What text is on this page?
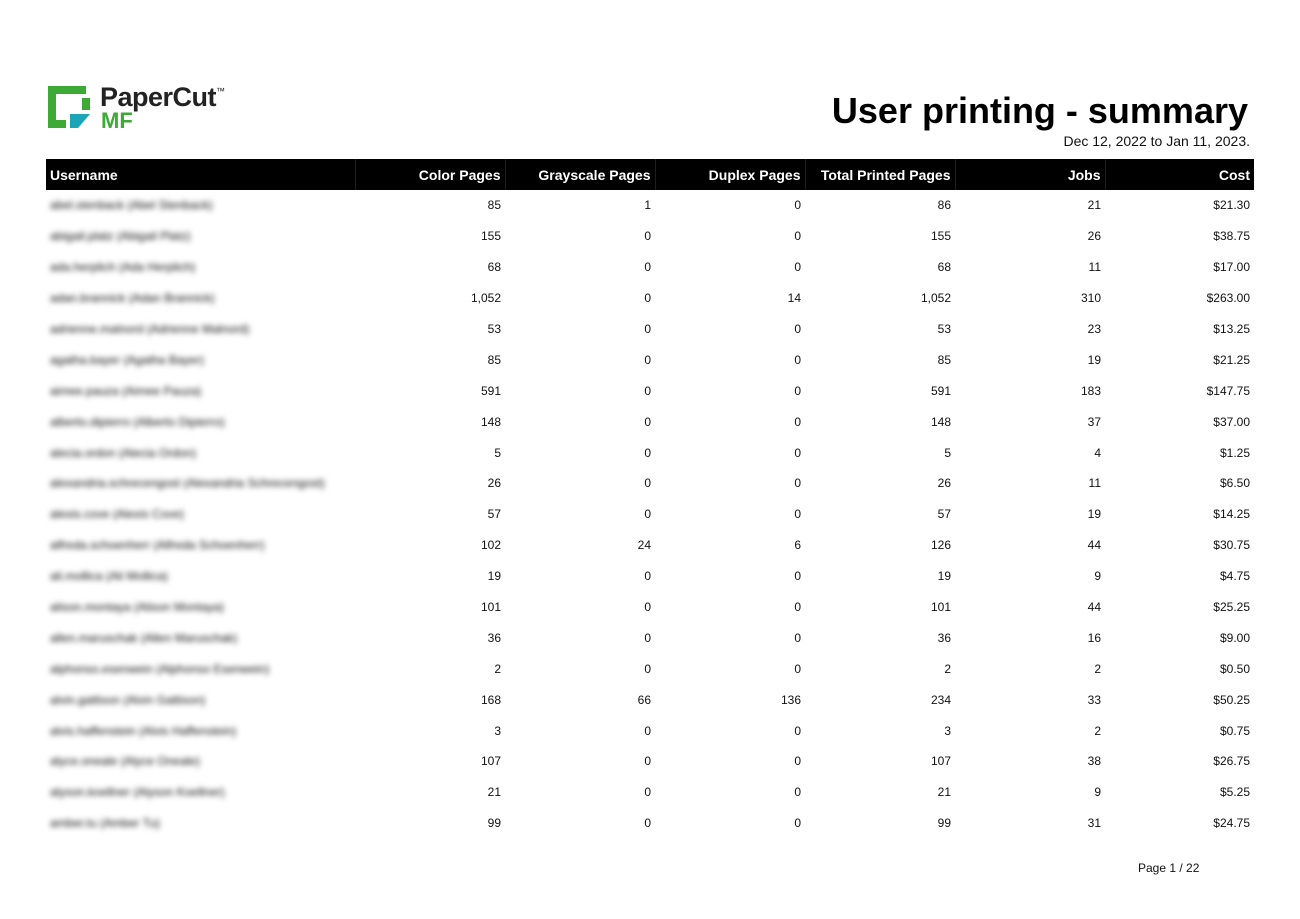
PaperCut™
MF	User printing - summary
Dec 12, 2022 to Jan 11, 2023.
Username	Color Pages	Grayscale Pages	Duplex Pages	Total Printed Pages	Jobs	Cost
abel.stenback (Abel Stenback)	85	1	0	86	21	$21.30
abigail.platz (Abigail Platz)	155	0	0	155	26	$38.75
ada.herplich (Ada Herplich)	68	0	0	68	11	$17.00
adan.brannick (Adan Brannick)	1,052	0	14	1,052	310	$263.00
adrienne.malnord (Adrienne Malnord)	53	0	0	53	23	$13.25
agatha.bayer (Agatha Bayer)	85	0	0	85	19	$21.25
aimee.pauza (Aimee Pauza)	591	0	0	591	183	$147.75
alberto.dipierro (Alberto Dipierro)	148	0	0	148	37	$37.00
alecia.ordon (Alecia Ordon)	5	0	0	5	4	$1.25
alexandria.schrecengost (Alexandria Schrecengost)	26	0	0	26	11	$6.50
alexis.cove (Alexis Cove)	57	0	0	57	19	$14.25
alfreda.schoenherr (Alfreda Schoenherr)	102	24	6	126	44	$30.75
ali.mollica (Ali Mollica)	19	0	0	19	9	$4.75
alison.montaya (Alison Montaya)	101	0	0	101	44	$25.25
allen.maruschak (Allen Maruschak)	36	0	0	36	16	$9.00
alphonso.esenwein (Alphonso Esenwein)	2	0	0	2	2	$0.50
alvin.gattison (Alvin Gattison)	168	66	136	234	33	$50.25
alvis.haffenstein (Alvis Haffenstein)	3	0	0	3	2	$0.75
alyce.oneale (Alyce Oneale)	107	0	0	107	38	$26.75
alyson.koellner (Alyson Koellner)	21	0	0	21	9	$5.25
amber.tu (Amber Tu)	99	0	0	99	31	$24.75
Page 1 / 22
